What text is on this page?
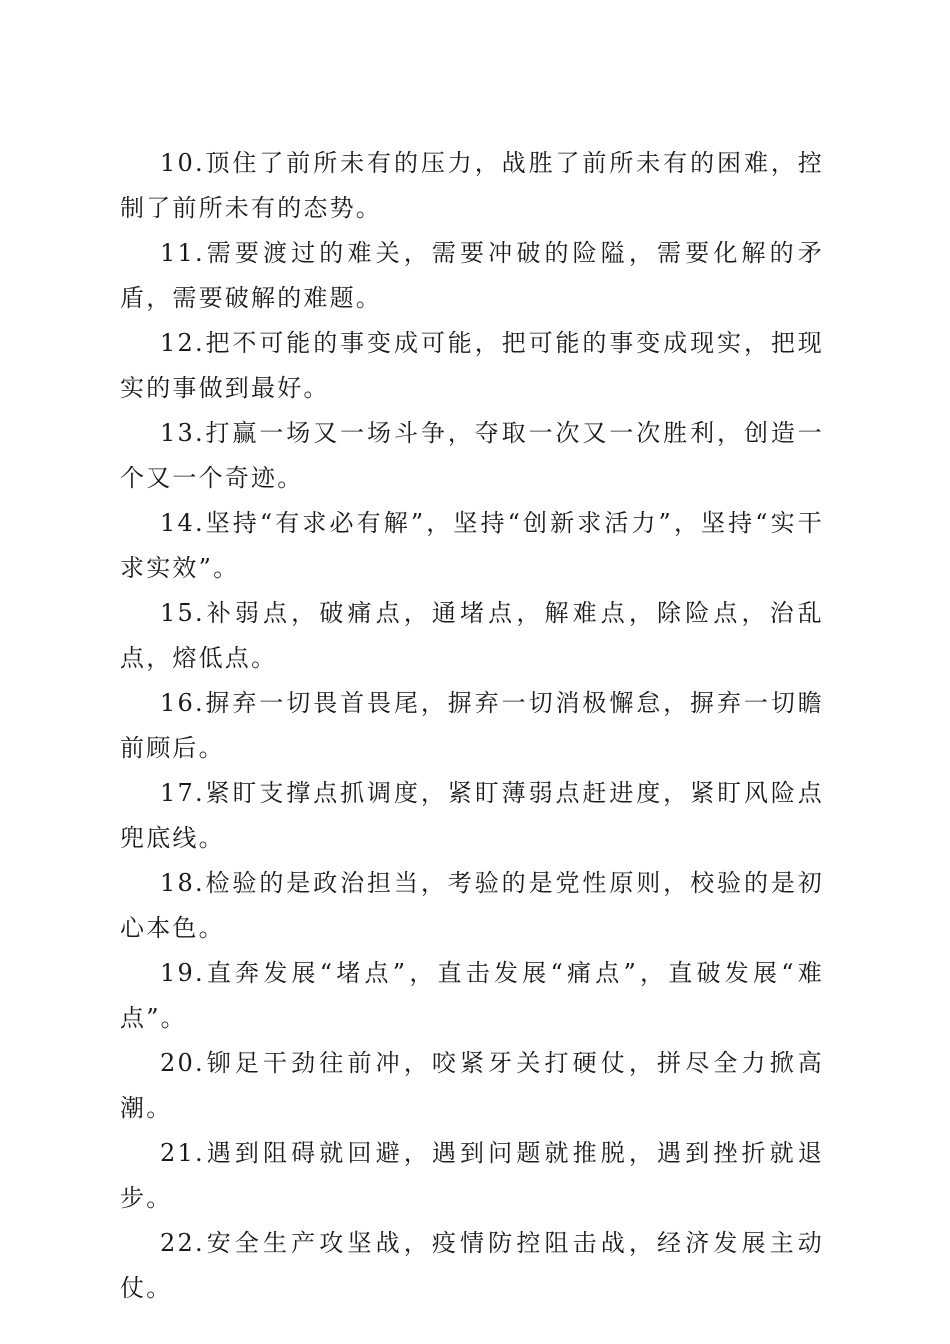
10.顶住了前所未有的压力，战胜了前所未有的困难，控制了前所未有的态势。

11.需要渡过的难关，需要冲破的险隘，需要化解的矛盾，需要破解的难题。

12.把不可能的事变成可能，把可能的事变成现实，把现实的事做到最好。

13.打赢一场又一场斗争，夺取一次又一次胜利，创造一个又一个奇迹。

14.坚持“有求必有解”，坚持“创新求活力”，坚持“实干求实效”。

15.补弱点，破痛点，通堵点，解难点，除险点，治乱点，熔低点。

16.摒弃一切畏首畏尾，摒弃一切消极懈怠，摒弃一切瞻前顾后。

17.紧盯支撑点抓调度，紧盯薄弱点赶进度，紧盯风险点兜底线。

18.检验的是政治担当，考验的是党性原则，校验的是初心本色。

19.直奔发展“堵点”，直击发展“痛点”，直破发展“难点”。

20.铆足干劲往前冲，咬紧牙关打硬仗，拼尽全力掀高潮。

21.遇到阻碍就回避，遇到问题就推脱，遇到挫折就退步。

22.安全生产攻坚战，疫情防控阻击战，经济发展主动仗。
